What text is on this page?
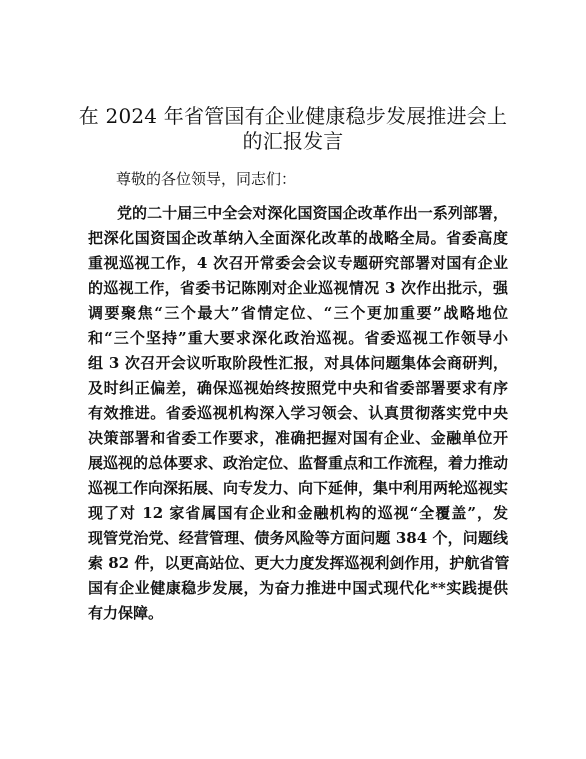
在 2024 年省管国有企业健康稳步发展推进会上
的汇报发言

尊敬的各位领导，同志们：

党的二十届三中全会对深化国资国企改革作出一系列部署，
把深化国资国企改革纳入全面深化改革的战略全局。省委高度
重视巡视工作，4 次召开常委会会议专题研究部署对国有企业
的巡视工作，省委书记陈刚对企业巡视情况 3 次作出批示，强
调要聚焦“三个最大”省情定位、“三个更加重要”战略地位
和“三个坚持”重大要求深化政治巡视。省委巡视工作领导小
组 3 次召开会议听取阶段性汇报，对具体问题集体会商研判，
及时纠正偏差，确保巡视始终按照党中央和省委部署要求有序
有效推进。省委巡视机构深入学习领会、认真贯彻落实党中央
决策部署和省委工作要求，准确把握对国有企业、金融单位开
展巡视的总体要求、政治定位、监督重点和工作流程，着力推动
巡视工作向深拓展、向专发力、向下延伸，集中利用两轮巡视实
现了对 12 家省属国有企业和金融机构的巡视“全覆盖”，发
现管党治党、经营管理、债务风险等方面问题 384 个，问题线
索 82 件，以更高站位、更大力度发挥巡视利剑作用，护航省管
国有企业健康稳步发展，为奋力推进中国式现代化**实践提供
有力保障。
